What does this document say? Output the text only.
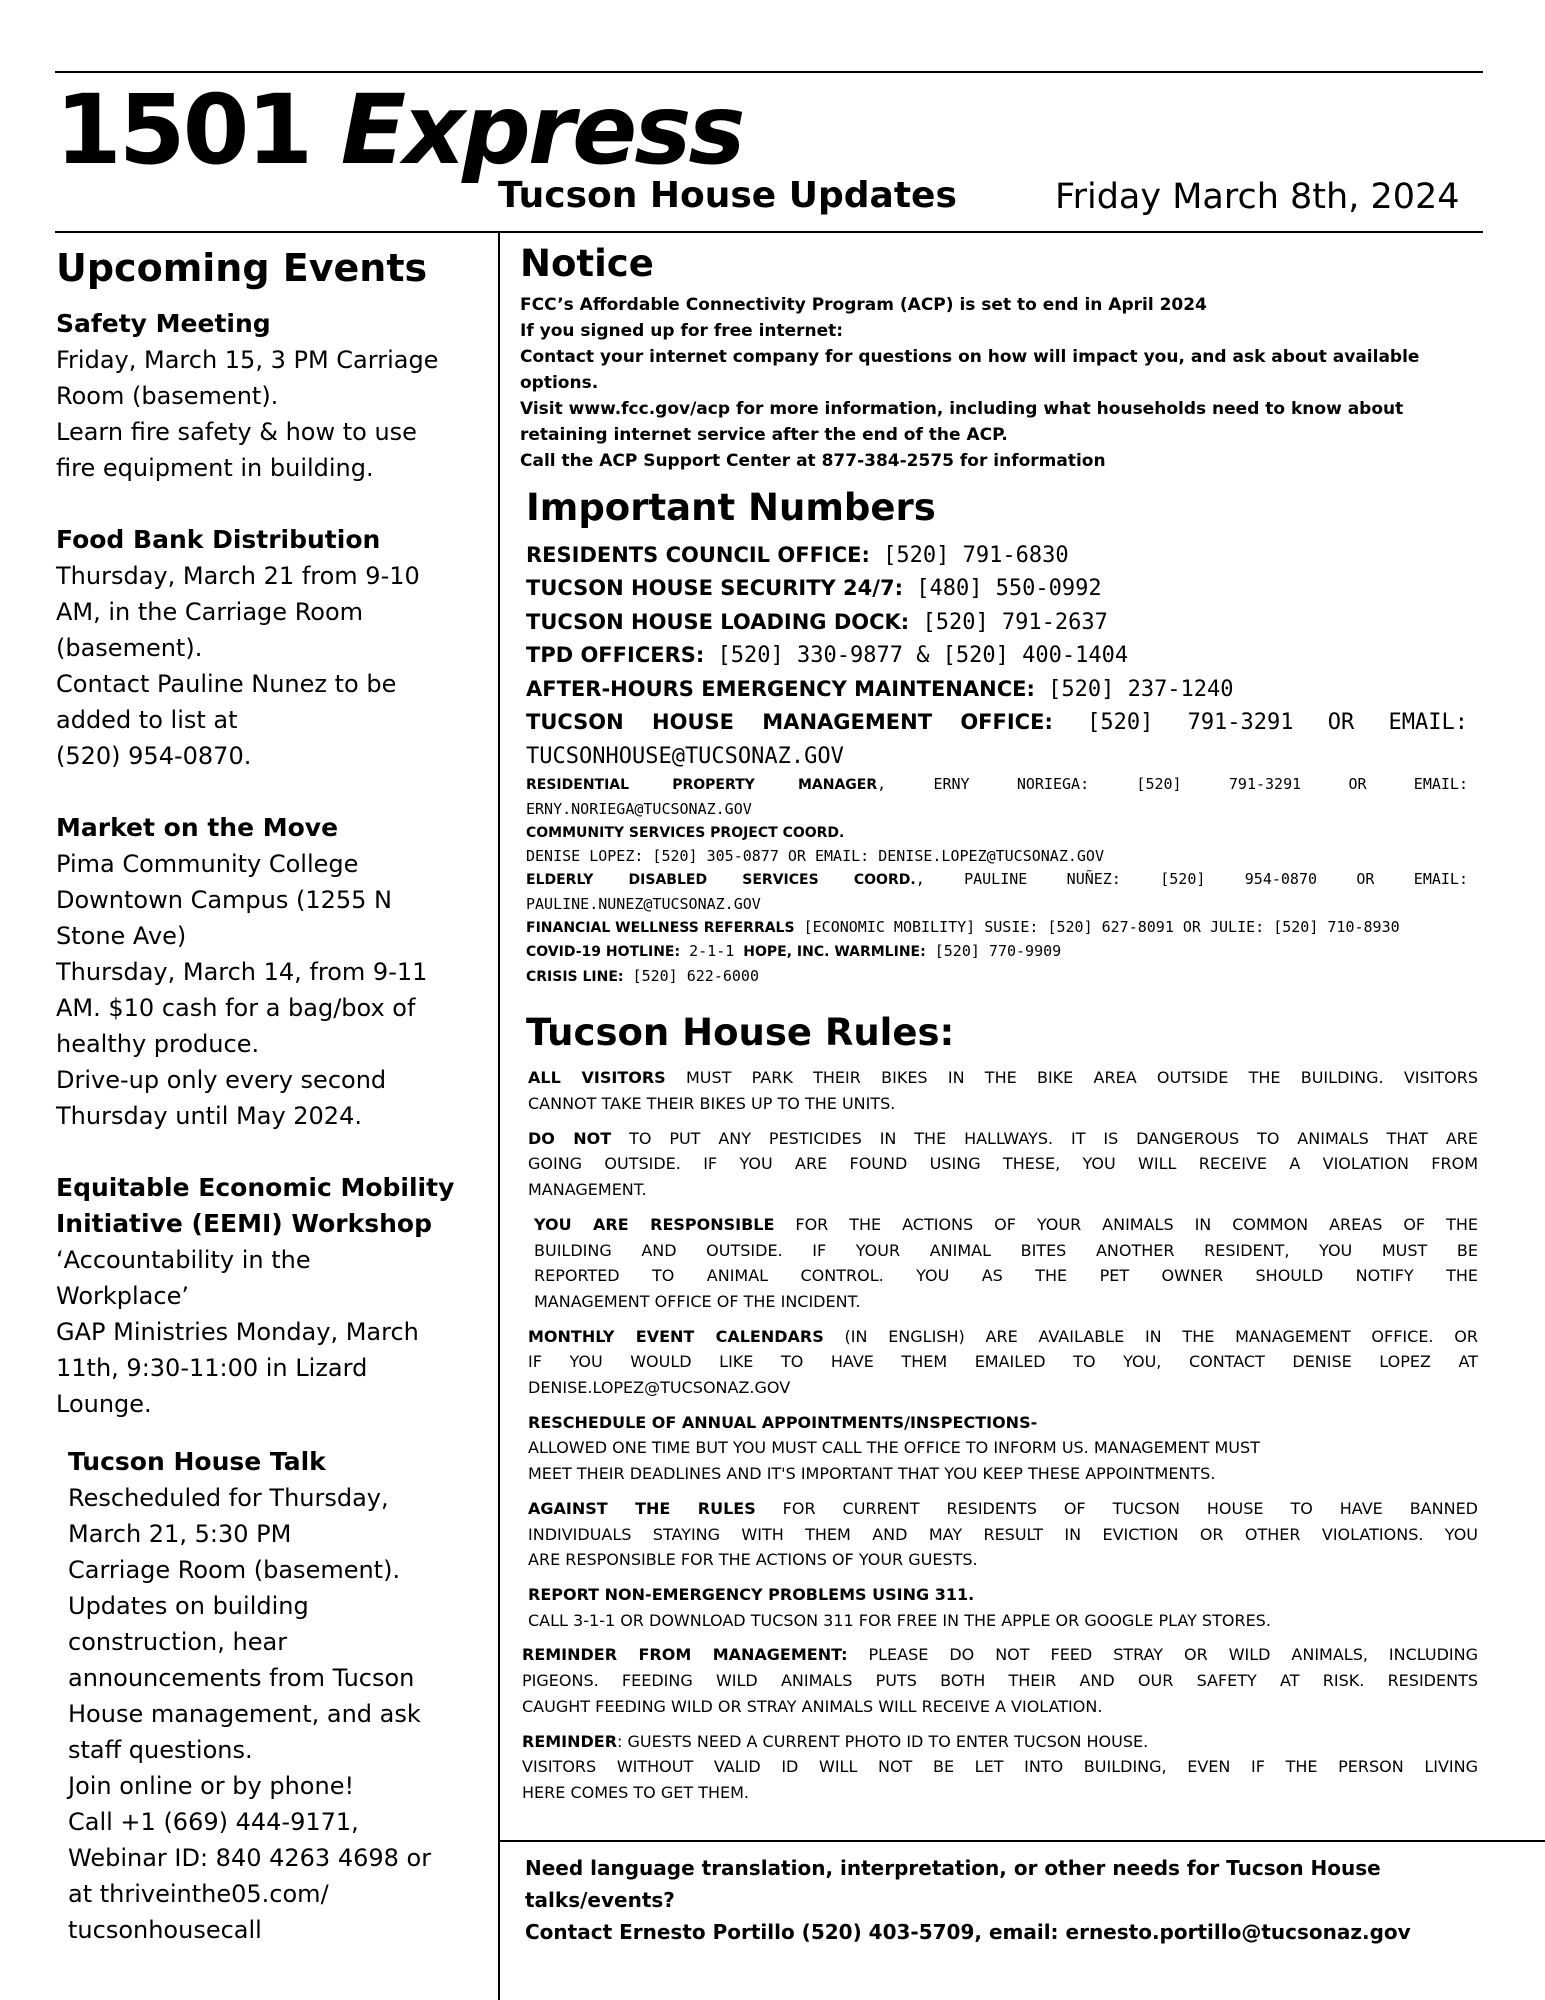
1501 Express
Tucson House Updates	Friday March 8th, 2024
Upcoming Events
Safety Meeting
Friday, March 15, 3 PM Carriage
Room (basement).
Learn fire safety & how to use
fire equipment in building.
Food Bank Distribution
Thursday, March 21 from 9-10
AM, in the Carriage Room
(basement).
Contact Pauline Nunez to be
added to list at
(520) 954-0870.
Market on the Move
Pima Community College
Downtown Campus (1255 N
Stone Ave)
Thursday, March 14, from 9-11
AM. $10 cash for a bag/box of
healthy produce.
Drive-up only every second
Thursday until May 2024.
Equitable Economic Mobility
Initiative (EEMI) Workshop
‘Accountability in the
Workplace’
GAP Ministries Monday, March
11th, 9:30-11:00 in Lizard
Lounge.
Tucson House Talk
Rescheduled for Thursday,
March 21, 5:30 PM
Carriage Room (basement).
Updates on building
construction, hear
announcements from Tucson
House management, and ask
staff questions.
Join online or by phone!
Call +1 (669) 444-9171,
Webinar ID: 840 4263 4698 or
at thriveinthe05.com/
tucsonhousecall
Notice

FCC’s Affordable Connectivity Program (ACP) is set to end in April 2024

If you signed up for free internet:

Contact your internet company for questions on how will impact you, and ask about available

options.

Visit www.fcc.gov/acp for more information, including what households need to know about

retaining internet service after the end of the ACP.

Call the ACP Support Center at 877-384-2575 for information

Important Numbers
RESIDENTS COUNCIL OFFICE: [520] 791-6830
TUCSON HOUSE SECURITY 24/7: [480] 550-0992
TUCSON HOUSE LOADING DOCK: [520] 791-2637
TPD OFFICERS: [520] 330-9877 & [520] 400-1404
AFTER-HOURS EMERGENCY MAINTENANCE: [520] 237-1240
TUCSON HOUSE MANAGEMENT OFFICE: [520] 791-3291 OR EMAIL:
TUCSONHOUSE@TUCSONAZ.GOV
RESIDENTIAL PROPERTY MANAGER, ERNY NORIEGA: [520] 791-3291 OR EMAIL:
ERNY.NORIEGA@TUCSONAZ.GOV
COMMUNITY SERVICES PROJECT COORD.
DENISE LOPEZ: [520] 305-0877 OR EMAIL: DENISE.LOPEZ@TUCSONAZ.GOV
ELDERLY DISABLED SERVICES COORD., PAULINE NUÑEZ: [520] 954-0870 OR EMAIL:
PAULINE.NUNEZ@TUCSONAZ.GOV
FINANCIAL WELLNESS REFERRALS [ECONOMIC MOBILITY] SUSIE: [520] 627-8091 OR JULIE: [520] 710-8930
COVID-19 HOTLINE: 2-1-1 HOPE, INC. WARMLINE: [520] 770-9909
CRISIS LINE: [520] 622-6000
Tucson House Rules:

ALL VISITORS MUST PARK THEIR BIKES IN THE BIKE AREA OUTSIDE THE BUILDING. VISITORS

CANNOT TAKE THEIR BIKES UP TO THE UNITS.

DO NOT TO PUT ANY PESTICIDES IN THE HALLWAYS. IT IS DANGEROUS TO ANIMALS THAT ARE

GOING OUTSIDE. IF YOU ARE FOUND USING THESE, YOU WILL RECEIVE A VIOLATION FROM

MANAGEMENT.

YOU ARE RESPONSIBLE FOR THE ACTIONS OF YOUR ANIMALS IN COMMON AREAS OF THE

BUILDING AND OUTSIDE. IF YOUR ANIMAL BITES ANOTHER RESIDENT, YOU MUST BE

REPORTED TO ANIMAL CONTROL. YOU AS THE PET OWNER SHOULD NOTIFY THE

MANAGEMENT OFFICE OF THE INCIDENT.

MONTHLY EVENT CALENDARS (IN ENGLISH) ARE AVAILABLE IN THE MANAGEMENT OFFICE. OR

IF YOU WOULD LIKE TO HAVE THEM EMAILED TO YOU, CONTACT DENISE LOPEZ AT

DENISE.LOPEZ@TUCSONAZ.GOV

RESCHEDULE OF ANNUAL APPOINTMENTS/INSPECTIONS-

ALLOWED ONE TIME BUT YOU MUST CALL THE OFFICE TO INFORM US. MANAGEMENT MUST

MEET THEIR DEADLINES AND IT'S IMPORTANT THAT YOU KEEP THESE APPOINTMENTS.

AGAINST THE RULES FOR CURRENT RESIDENTS OF TUCSON HOUSE TO HAVE BANNED

INDIVIDUALS STAYING WITH THEM AND MAY RESULT IN EVICTION OR OTHER VIOLATIONS. YOU

ARE RESPONSIBLE FOR THE ACTIONS OF YOUR GUESTS.

REPORT NON-EMERGENCY PROBLEMS USING 311.

CALL 3-1-1 OR DOWNLOAD TUCSON 311 FOR FREE IN THE APPLE OR GOOGLE PLAY STORES.

REMINDER FROM MANAGEMENT: PLEASE DO NOT FEED STRAY OR WILD ANIMALS, INCLUDING

PIGEONS. FEEDING WILD ANIMALS PUTS BOTH THEIR AND OUR SAFETY AT RISK. RESIDENTS

CAUGHT FEEDING WILD OR STRAY ANIMALS WILL RECEIVE A VIOLATION.

REMINDER: GUESTS NEED A CURRENT PHOTO ID TO ENTER TUCSON HOUSE.

VISITORS WITHOUT VALID ID WILL NOT BE LET INTO BUILDING, EVEN IF THE PERSON LIVING

HERE COMES TO GET THEM.

Need language translation, interpretation, or other needs for Tucson House

talks/events?

Contact Ernesto Portillo (520) 403-5709, email: ernesto.portillo@tucsonaz.gov
